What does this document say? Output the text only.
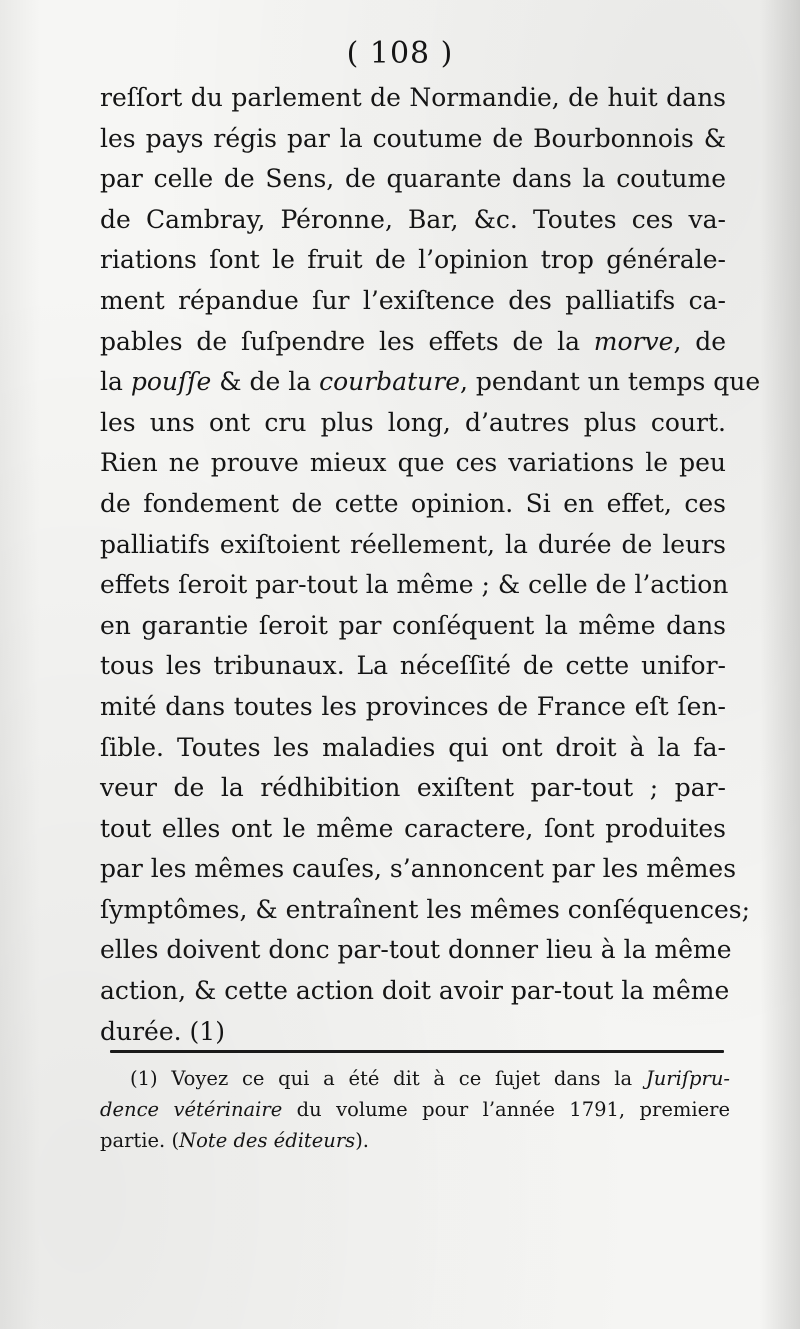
( 108 )
reſſort du parlement de Normandie, de huit dans
les pays régis par la coutume de Bourbonnois &
par celle de Sens, de quarante dans la coutume
de Cambray, Péronne, Bar, &c. Toutes ces va-
riations ſont le fruit de l’opinion trop générale-
ment répandue ſur l’exiſtence des palliatifs ca-
pables de ſuſpendre les effets de la morve, de
la pouſſe & de la courbature, pendant un temps que
les uns ont cru plus long, d’autres plus court.
Rien ne prouve mieux que ces variations le peu
de fondement de cette opinion. Si en effet, ces
palliatifs exiſtoient réellement, la durée de leurs
effets ſeroit par-tout la même ; & celle de l’action
en garantie ſeroit par conſéquent la même dans
tous les tribunaux. La néceſſité de cette unifor-
mité dans toutes les provinces de France eſt ſen-
ſible. Toutes les maladies qui ont droit à la fa-
veur de la rédhibition exiſtent par-tout ; par-
tout elles ont le même caractere, ſont produites
par les mêmes cauſes, s’annoncent par les mêmes
ſymptômes, & entraînent les mêmes conſéquences;
elles doivent donc par-tout donner lieu à la même
action, & cette action doit avoir par-tout la même
durée. (1)
(1) Voyez ce qui a été dit à ce ſujet dans la Juriſpru-
dence vétérinaire du volume pour l’année 1791, premiere
partie. (Note des éditeurs).
